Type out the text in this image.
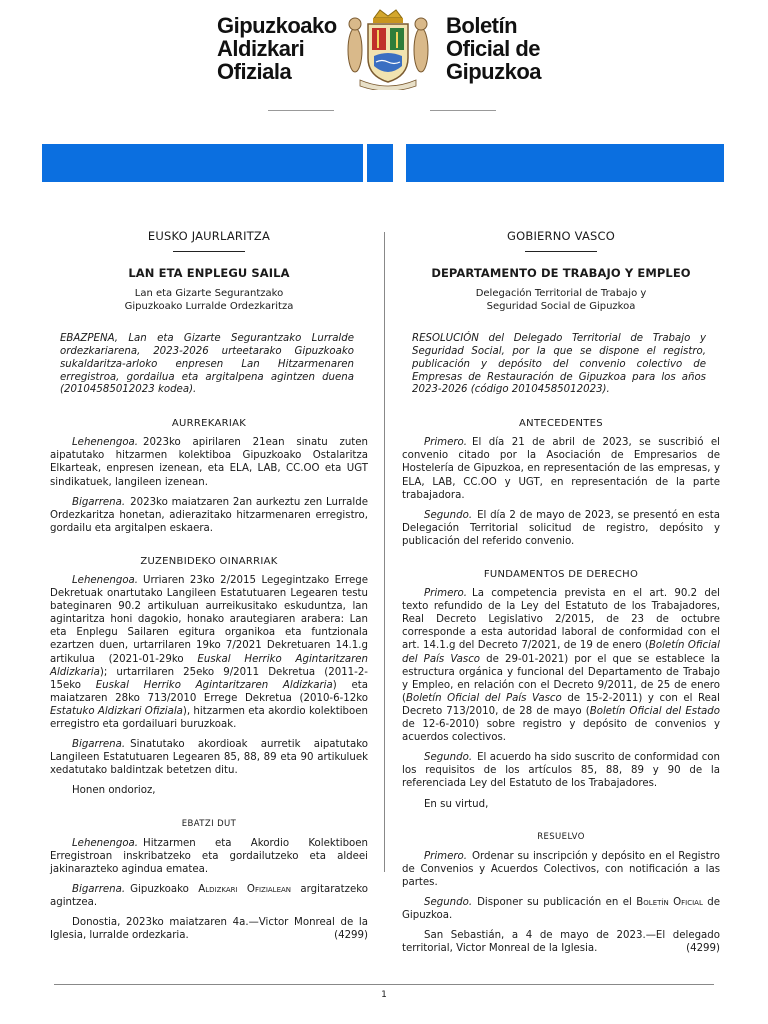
Gipuzkoako
Aldizkari
Ofiziala
Boletín
Oficial de
Gipuzkoa
EUSKO JAURLARITZA
LAN ETA ENPLEGU SAILA
Lan eta Gizarte Segurantzako
Gipuzkoako Lurralde Ordezkaritza
EBAZPENA, Lan eta Gizarte Segurantzako Lurralde ordezkariarena, 2023-2026 urteetarako Gipuzkoako sukaldaritza-arloko enpresen Lan Hitzarmenaren erregistroa, gordailua eta argitalpena agintzen duena (20104585012023 kodea).
AURREKARIAK

Lehenengoa. 2023ko apirilaren 21ean sinatu zuten aipatutako hitzarmen kolektiboa Gipuzkoako Ostalaritza Elkarteak, enpresen izenean, eta ELA, LAB, CC.OO eta UGT sindikatuek, langileen izenean.

Bigarrena. 2023ko maiatzaren 2an aurkeztu zen Lurralde Ordezkaritza honetan, adierazitako hitzarmenaren erregistro, gordailu eta argitalpen eskaera.

ZUZENBIDEKO OINARRIAK

Lehenengoa. Urriaren 23ko 2/2015 Legegintzako Errege Dekretuak onartutako Langileen Estatutuaren Legearen testu bateginaren 90.2 artikuluan aurreikusitako eskuduntza, lan agintaritza honi dagokio, honako arautegiaren arabera: Lan eta Enplegu Sailaren egitura organikoa eta funtzionala ezartzen duen, urtarrilaren 19ko 7/2021 Dekretuaren 14.1.g artikulua (2021-01-29ko Euskal Herriko Agintaritzaren Aldizkaria); urtarrilaren 25eko 9/2011 Dekretua (2011-2-15eko Euskal Herriko Agintaritzaren Aldizkaria) eta maiatzaren 28ko 713/2010 Errege Dekretua (2010-6-12ko Estatuko Aldizkari Ofiziala), hitzarmen eta akordio kolektiboen erregistro eta gordailuari buruzkoak.

Bigarrena. Sinatutako akordioak aurretik aipatutako Langileen Estatutuaren Legearen 85, 88, 89 eta 90 artikuluek xedatutako baldintzak betetzen ditu.

Honen ondorioz,

EBATZI DUT

Lehenengoa. Hitzarmen eta Akordio Kolektiboen Erregistroan inskribatzeko eta gordailutzeko eta aldeei jakinarazteko agindua ematea.

Bigarrena. Gipuzkoako Aldizkari Ofizialean argitaratzeko agintzea.

Donostia, 2023ko maiatzaren 4a.—Victor Monreal de la Iglesia, lurralde ordezkaria.	(4299)

GOBIERNO VASCO
DEPARTAMENTO DE TRABAJO Y EMPLEO
Delegación Territorial de Trabajo y
Seguridad Social de Gipuzkoa
RESOLUCIÓN del Delegado Territorial de Trabajo y Seguridad Social, por la que se dispone el registro, publicación y depósito del convenio colectivo de Empresas de Restauración de Gipuzkoa para los años 2023-2026 (código 20104585012023).
ANTECEDENTES

Primero. El día 21 de abril de 2023, se suscribió el convenio citado por la Asociación de Empresarios de Hostelería de Gipuzkoa, en representación de las empresas, y ELA, LAB, CC.OO y UGT, en representación de la parte trabajadora.

Segundo. El día 2 de mayo de 2023, se presentó en esta Delegación Territorial solicitud de registro, depósito y publicación del referido convenio.

FUNDAMENTOS DE DERECHO

Primero. La competencia prevista en el art. 90.2 del texto refundido de la Ley del Estatuto de los Trabajadores, Real Decreto Legislativo 2/2015, de 23 de octubre corresponde a esta autoridad laboral de conformidad con el art. 14.1.g del Decreto 7/2021, de 19 de enero (Boletín Oficial del País Vasco de 29-01-2021) por el que se establece la estructura orgánica y funcional del Departamento de Trabajo y Empleo, en relación con el Decreto 9/2011, de 25 de enero (Boletín Oficial del País Vasco de 15-2-2011) y con el Real Decreto 713/2010, de 28 de mayo (Boletín Oficial del Estado de 12-6-2010) sobre registro y depósito de convenios y acuerdos colectivos.

Segundo. El acuerdo ha sido suscrito de conformidad con los requisitos de los artículos 85, 88, 89 y 90 de la referenciada Ley del Estatuto de los Trabajadores.

En su virtud,

RESUELVO

Primero. Ordenar su inscripción y depósito en el Registro de Convenios y Acuerdos Colectivos, con notificación a las partes.

Segundo. Disponer su publicación en el Boletín Oficial de Gipuzkoa.

San Sebastián, a 4 de mayo de 2023.—El delegado territorial, Victor Monreal de la Iglesia.	(4299)

1
